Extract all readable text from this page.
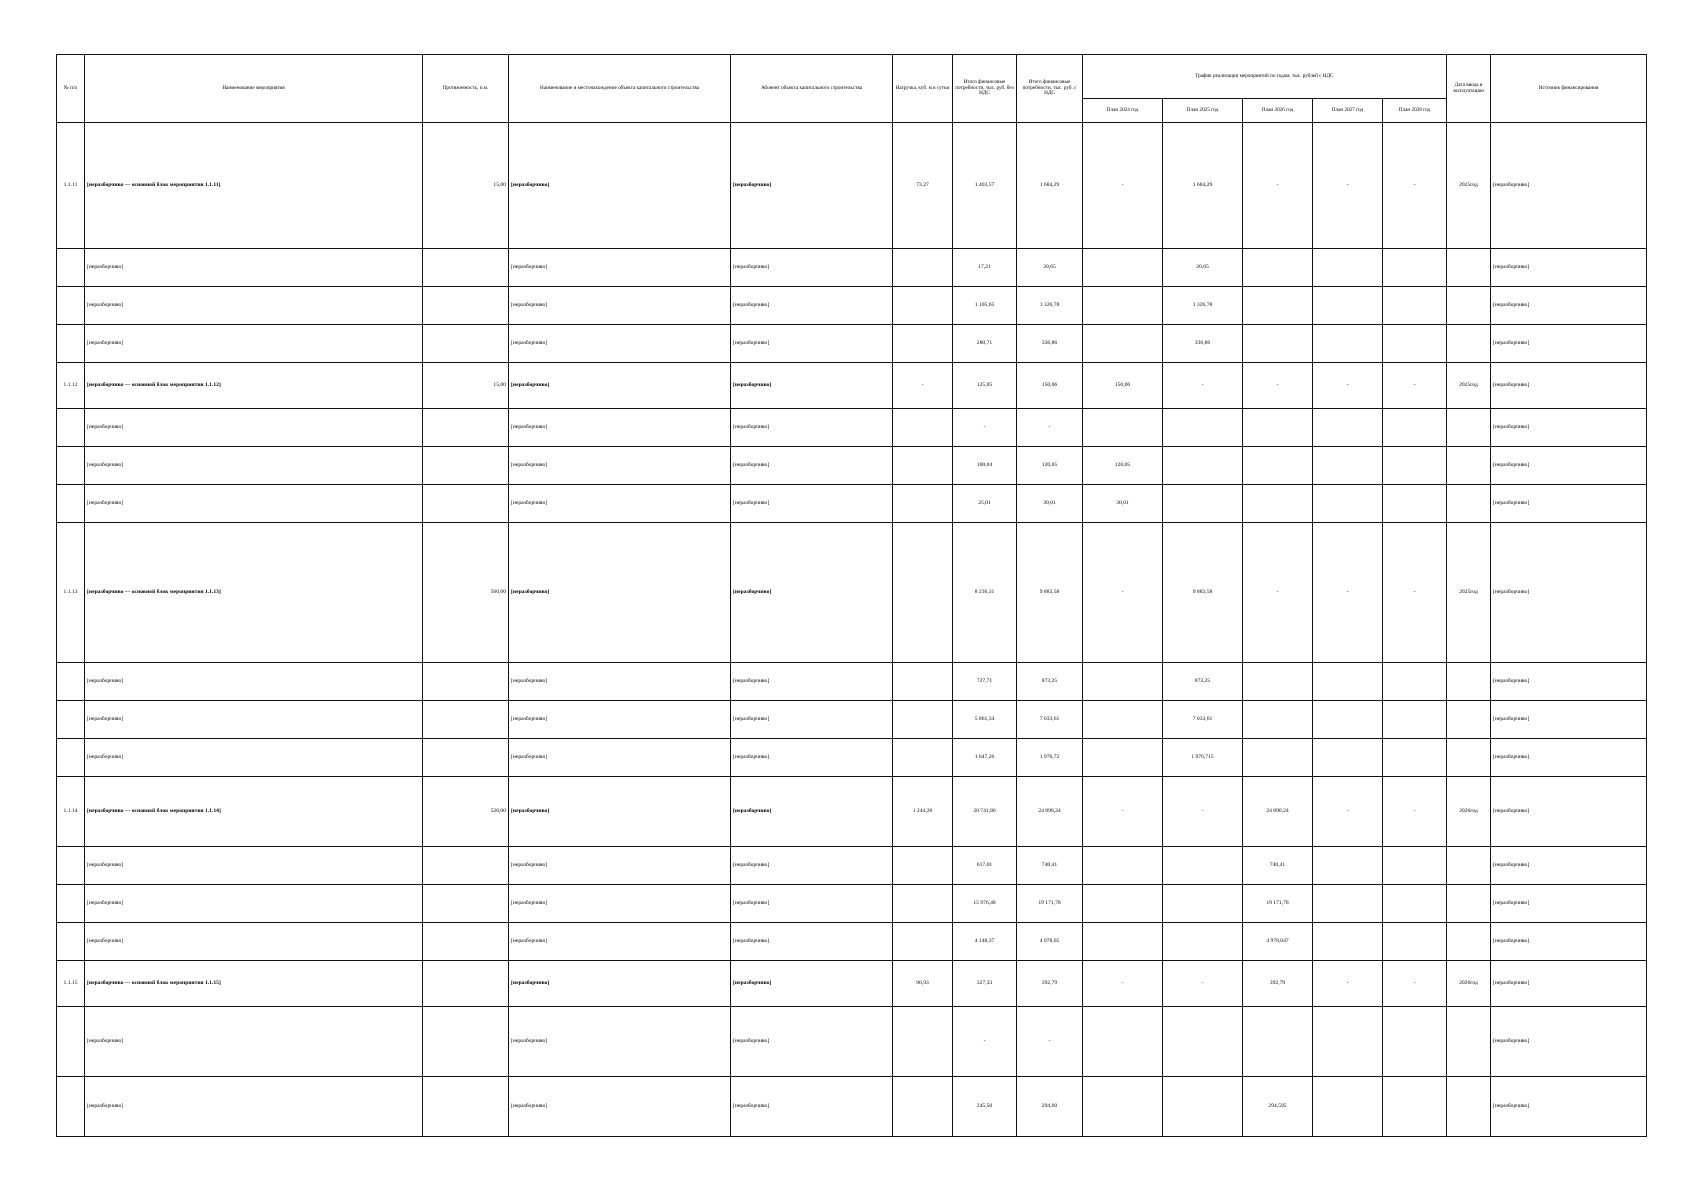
№ п/п	Наименование мероприятия	Протяженность, п.м.	Наименование и местонахождение объекта капитального строительства	Абонент объекта капитального строительства	Нагрузка, куб. м в сутки	Итого финансовые потребности, тыс. руб. без НДС	Итого финансовые потребности, тыс. руб. с НДС	График реализации мероприятий по годам, тыс. рублей с НДС					Дата ввода в эксплуатацию	Источник финансирования
								План 2024 год	План 2025 год	План 2026 год	План 2027 год	План 2028 год		
1.1.11	[неразборчиво — основной блок мероприятия 1.1.11]	15,00	[неразборчиво]	[неразборчиво]	73,27	1 403,57	1 684,29	-	1 684,29	-	-	-	2025год	[неразборчиво]
	[неразборчиво]		[неразборчиво]	[неразборчиво]		17,21	20,65		20,65					[неразборчиво]
	[неразборчиво]		[неразборчиво]	[неразборчиво]		1 105,65	1 326,78		1 326,78					[неразборчиво]
	[неразборчиво]		[неразборчиво]	[неразборчиво]		280,71	336,86		336,86					[неразборчиво]
1.1.12	[неразборчиво — основной блок мероприятия 1.1.12]	15,00	[неразборчиво]	[неразборчиво]	-	125,05	150,06	150,06	-	-	-	-	2025год	[неразборчиво]
	[неразборчиво]		[неразборчиво]	[неразборчиво]		-	-							[неразборчиво]
	[неразборчиво]		[неразборчиво]	[неразборчиво]		100,04	120,05	120,05						[неразборчиво]
	[неразборчиво]		[неразборчиво]	[неразборчиво]		25,01	30,01	30,01						[неразборчиво]
1.1.13	[неразборчиво — основной блок мероприятия 1.1.13]	560,00	[неразборчиво]	[неразборчиво]		8 236,31	9 883,58	-	9 883,58	-	-	-	2025год	[неразборчиво]
	[неразборчиво]		[неразборчиво]	[неразборчиво]		727,71	873,25		873,25					[неразборчиво]
	[неразборчиво]		[неразборчиво]	[неразборчиво]		5 861,34	7 033,61		7 033,61					[неразборчиво]
	[неразборчиво]		[неразборчиво]	[неразборчиво]		1 647,26	1 976,72		1 976,715					[неразборчиво]
1.1.14	[неразборчиво — основной блок мероприятия 1.1.14]	520,00	[неразборчиво]	[неразборчиво]	1 244,20	20 741,86	24 890,24	-	-	24 890,24	-	-	2026год	[неразборчиво]
	[неразборчиво]		[неразборчиво]	[неразборчиво]		617,01	740,41			740,41				[неразборчиво]
	[неразборчиво]		[неразборчиво]	[неразборчиво]		15 976,48	19 171,78			19 171,78				[неразборчиво]
	[неразборчиво]		[неразборчиво]	[неразборчиво]		4 148,37	4 978,05			4 978,047				[неразборчиво]
1.1.15	[неразборчиво — основной блок мероприятия 1.1.15]		[неразборчиво]	[неразборчиво]	96,93	327,33	392,79	-	-	392,79	-	-	2026год	[неразборчиво]
	[неразборчиво]		[неразборчиво]	[неразборчиво]		-	-							[неразборчиво]
	[неразборчиво]		[неразборчиво]	[неразборчиво]		245,50	294,60			294,595				[неразборчиво]
